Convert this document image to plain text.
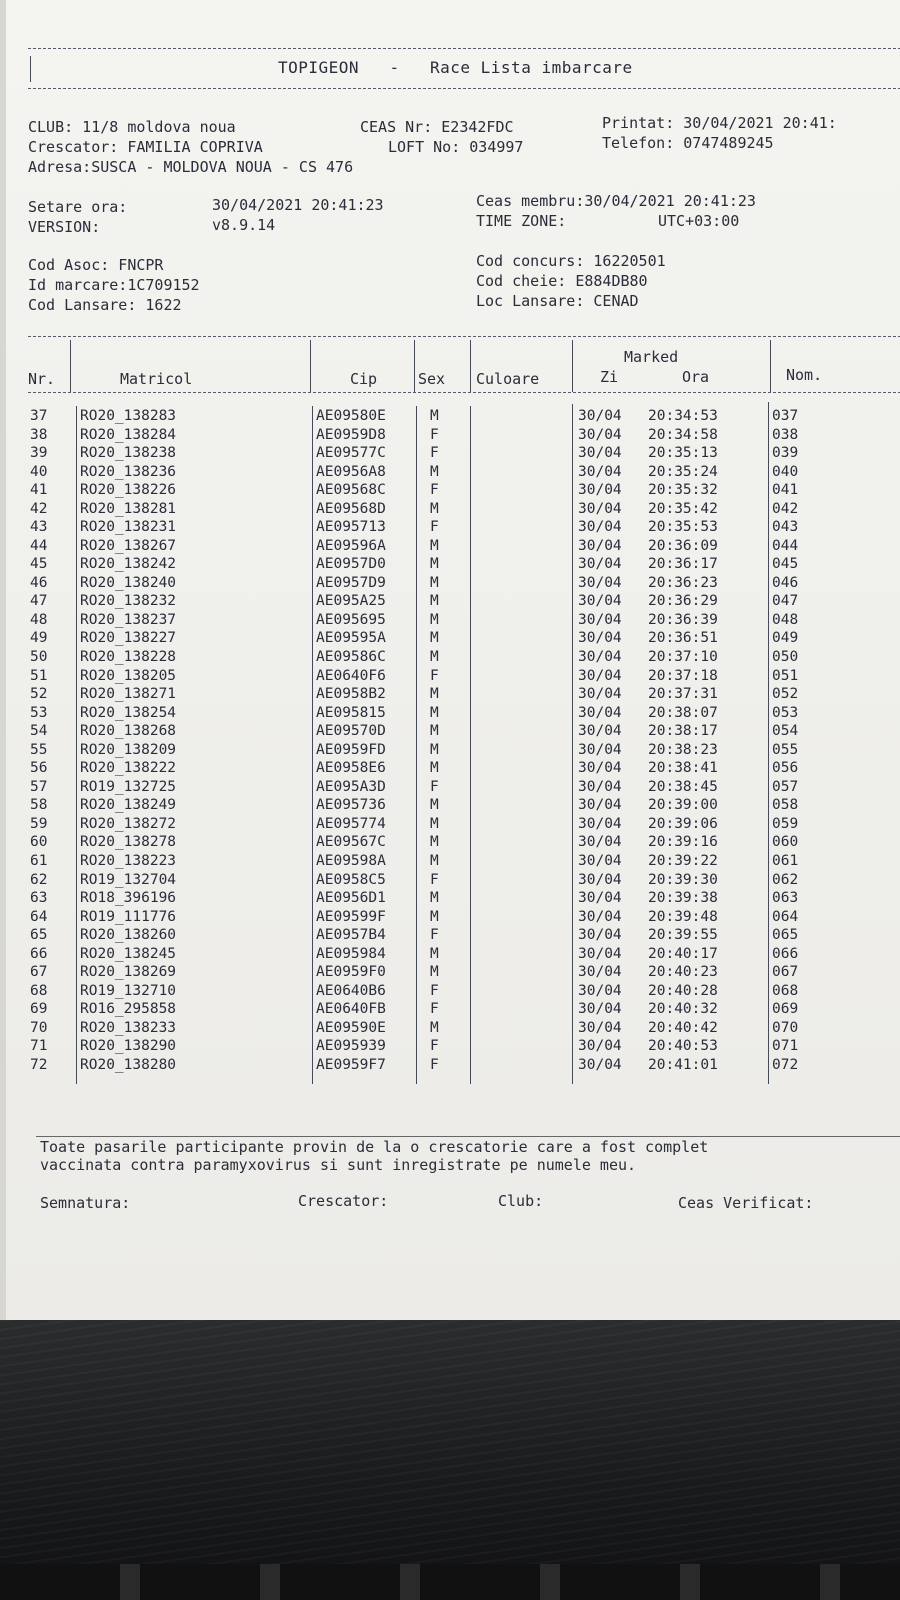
TOPIGEON   -   Race Lista imbarcare
CLUB: 11/8 moldova noua	CEAS Nr: E2342FDC	Printat: 30/04/2021 20:41:
Crescator: FAMILIA COPRIVA	LOFT No: 034997	Telefon: 0747489245
Adresa:SUSCA - MOLDOVA NOUA - CS 476
Setare ora:	30/04/2021 20:41:23	Ceas membru:30/04/2021 20:41:23
VERSION:	v8.9.14	TIME ZONE:	UTC+03:00
Cod Asoc: FNCPR	Cod concurs: 16220501
Id marcare:1C709152	Cod cheie: E884DB80
Cod Lansare: 1622	Loc Lansare: CENAD
Marked
Nr.	Matricol	Cip	Sex Culoare	Zi	Ora	Nom.
37 RO20_138283	AE09580E	M	30/04 20:34:53	037
38 RO20_138284	AE0959D8	F	30/04 20:34:58	038
39 RO20_138238	AE09577C	F	30/04 20:35:13	039
40 RO20_138236	AE0956A8	M	30/04 20:35:24	040
41 RO20_138226	AE09568C	F	30/04 20:35:32	041
42 RO20_138281	AE09568D	M	30/04 20:35:42	042
43 RO20_138231	AE095713	F	30/04 20:35:53	043
44 RO20_138267	AE09596A	M	30/04 20:36:09	044
45 RO20_138242	AE0957D0	M	30/04 20:36:17	045
46 RO20_138240	AE0957D9	M	30/04 20:36:23	046
47 RO20_138232	AE095A25	M	30/04 20:36:29	047
48 RO20_138237	AE095695	M	30/04 20:36:39	048
49 RO20_138227	AE09595A	M	30/04 20:36:51	049
50 RO20_138228	AE09586C	M	30/04 20:37:10	050
51 RO20_138205	AE0640F6	F	30/04 20:37:18	051
52 RO20_138271	AE0958B2	M	30/04 20:37:31	052
53 RO20_138254	AE095815	M	30/04 20:38:07	053
54 RO20_138268	AE09570D	M	30/04 20:38:17	054
55 RO20_138209	AE0959FD	M	30/04 20:38:23	055
56 RO20_138222	AE0958E6	M	30/04 20:38:41	056
57 RO19_132725	AE095A3D	F	30/04 20:38:45	057
58 RO20_138249	AE095736	M	30/04 20:39:00	058
59 RO20_138272	AE095774	M	30/04 20:39:06	059
60 RO20_138278	AE09567C	M	30/04 20:39:16	060
61 RO20_138223	AE09598A	M	30/04 20:39:22	061
62 RO19_132704	AE0958C5	F	30/04 20:39:30	062
63 RO18_396196	AE0956D1	M	30/04 20:39:38	063
64 RO19_111776	AE09599F	M	30/04 20:39:48	064
65 RO20_138260	AE0957B4	F	30/04 20:39:55	065
66 RO20_138245	AE095984	M	30/04 20:40:17	066
67 RO20_138269	AE0959F0	M	30/04 20:40:23	067
68 RO19_132710	AE0640B6	F	30/04 20:40:28	068
69 RO16_295858	AE0640FB	F	30/04 20:40:32	069
70 RO20_138233	AE09590E	M	30/04 20:40:42	070
71 RO20_138290	AE095939	F	30/04 20:40:53	071
72 RO20_138280	AE0959F7	F	30/04 20:41:01	072
Toate pasarile participante provin de la o crescatorie care a fost complet
vaccinata contra paramyxovirus si sunt inregistrate pe numele meu.
Semnatura:	Crescator:	Club:	Ceas Verificat:
